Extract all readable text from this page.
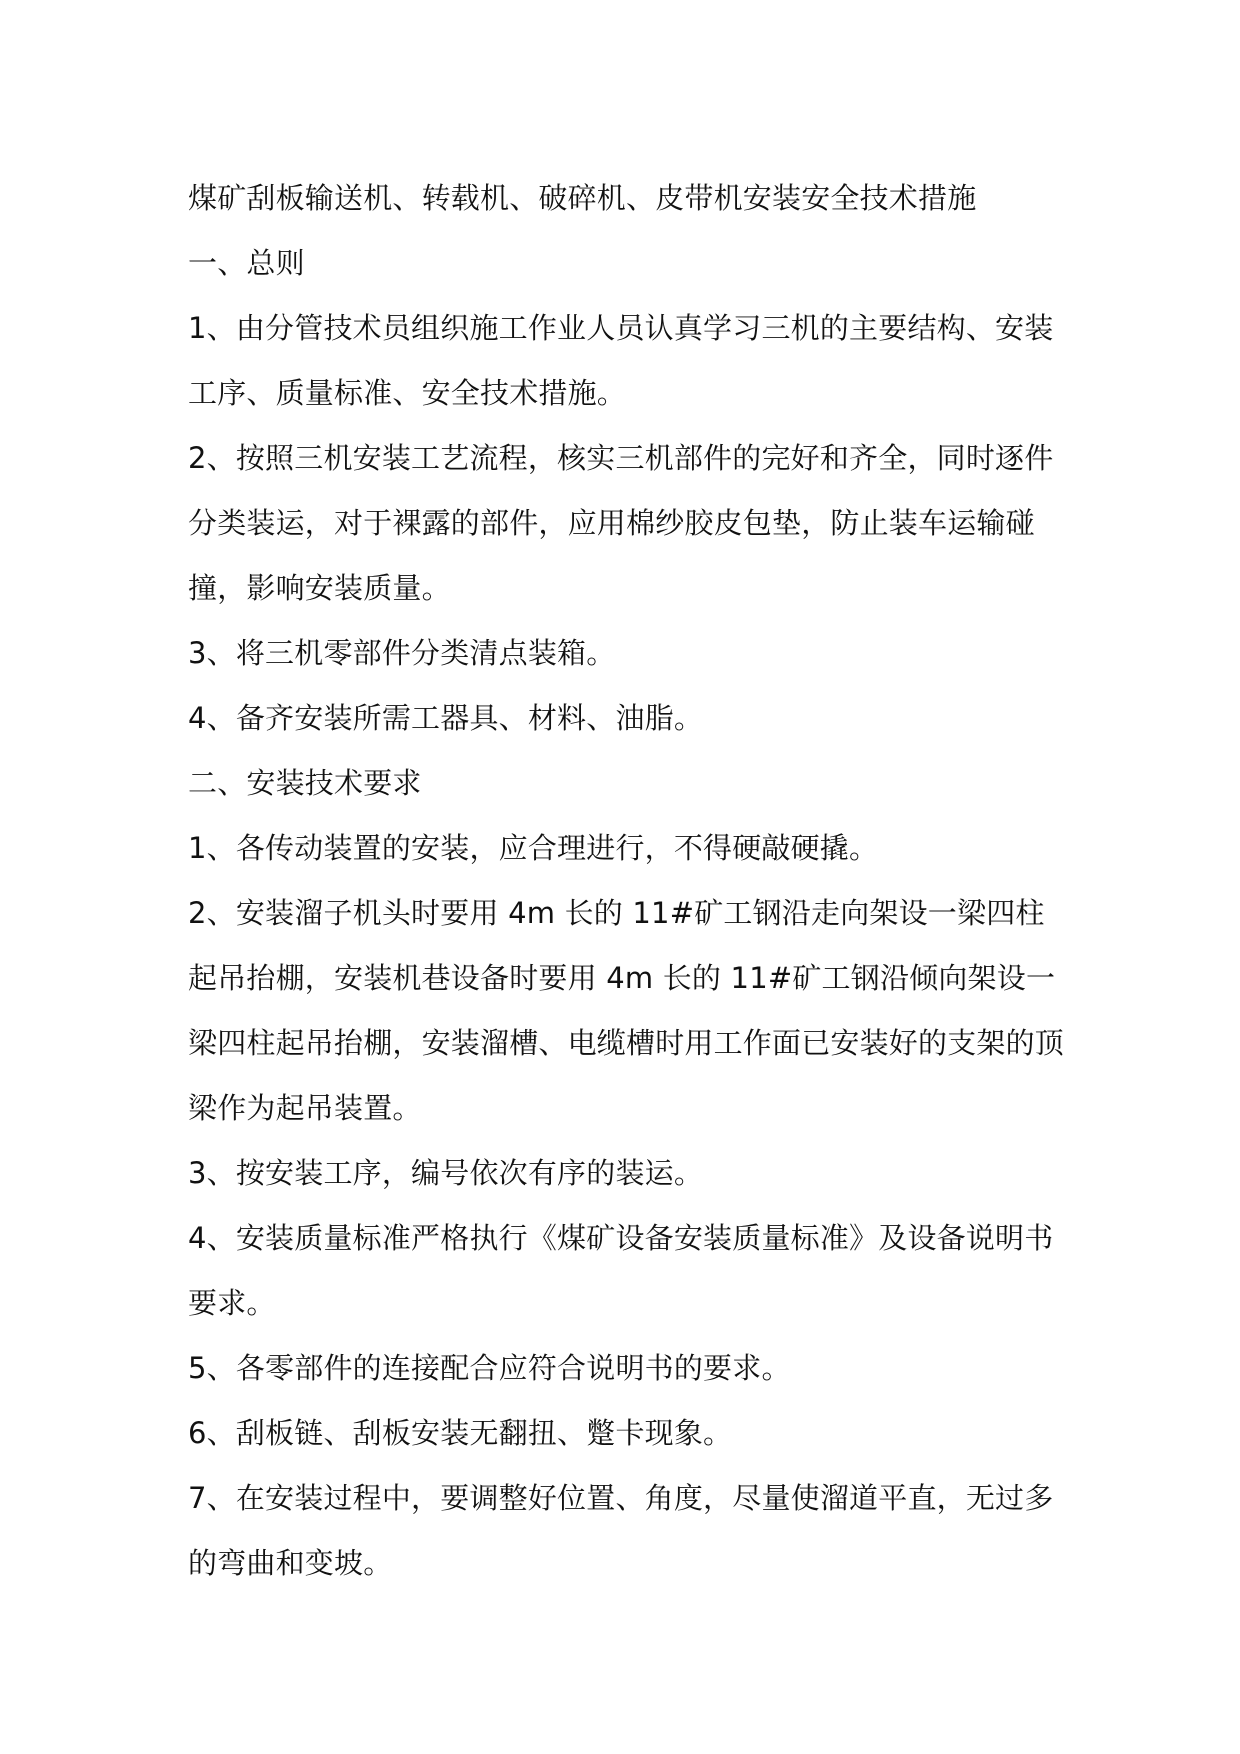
煤矿刮板输送机、转载机、破碎机、皮带机安装安全技术措施

一、总则

1、由分管技术员组织施工作业人员认真学习三机的主要结构、安装工序、质量标准、安全技术措施。

2、按照三机安装工艺流程，核实三机部件的完好和齐全，同时逐件分类装运，对于裸露的部件，应用棉纱胶皮包垫，防止装车运输碰撞，影响安装质量。

3、将三机零部件分类清点装箱。

4、备齐安装所需工器具、材料、油脂。

二、安装技术要求

1、各传动装置的安装，应合理进行，不得硬敲硬撬。

2、安装溜子机头时要用 4m 长的 11#矿工钢沿走向架设一梁四柱起吊抬棚，安装机巷设备时要用 4m 长的 11#矿工钢沿倾向架设一梁四柱起吊抬棚，安装溜槽、电缆槽时用工作面已安装好的支架的顶梁作为起吊装置。

3、按安装工序，编号依次有序的装运。

4、安装质量标准严格执行《煤矿设备安装质量标准》及设备说明书要求。

5、各零部件的连接配合应符合说明书的要求。

6、刮板链、刮板安装无翻扭、蹩卡现象。

7、在安装过程中，要调整好位置、角度，尽量使溜道平直，无过多的弯曲和变坡。
